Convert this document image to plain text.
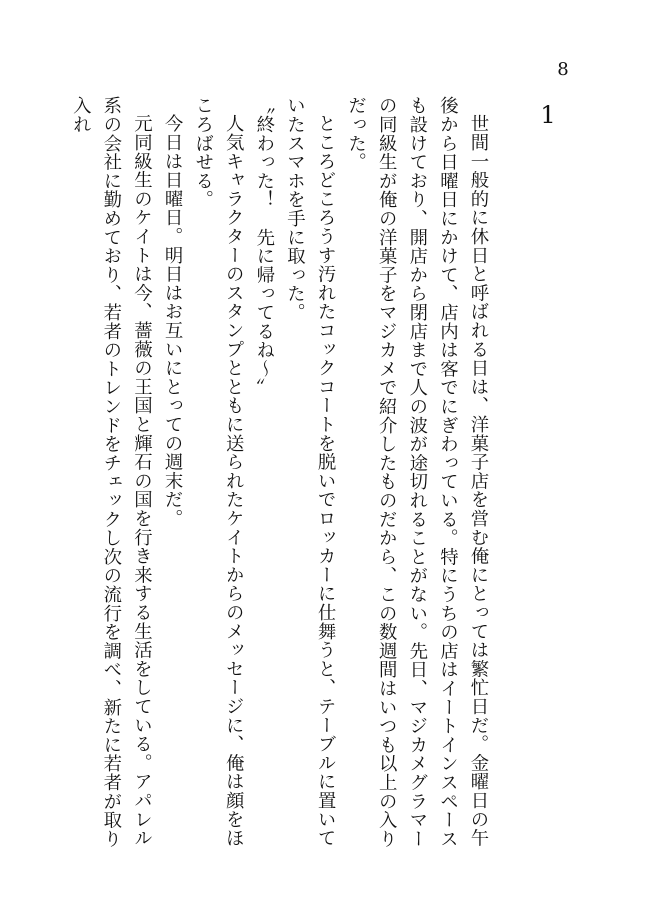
8
1

世間一般的に休日と呼ばれる日は、洋菓子店を営む俺にとっては繁忙日だ。金曜日の午後から日曜日にかけて、店内は客でにぎわっている。特にうちの店はイートインスペースも設けており、開店から閉店まで人の波が途切れることがない。先日、マジカメグラマーの同級生が俺の洋菓子をマジカメで紹介したものだから、この数週間はいつも以上の入りだった。

ところどころうす汚れたコックコートを脱いでロッカーに仕舞うと、テーブルに置いていたスマホを手に取った。

〝終わった！　先に帰ってるね〜〟

人気キャラクターのスタンプとともに送られたケイトからのメッセージに、俺は顔をほころばせる。

今日は日曜日。明日はお互いにとっての週末だ。

元同級生のケイトは今、薔薇の王国と輝石の国を行き来する生活をしている。アパレル系の会社に勤めており、若者のトレンドをチェックし次の流行を調べ、新たに若者が取り入れ
